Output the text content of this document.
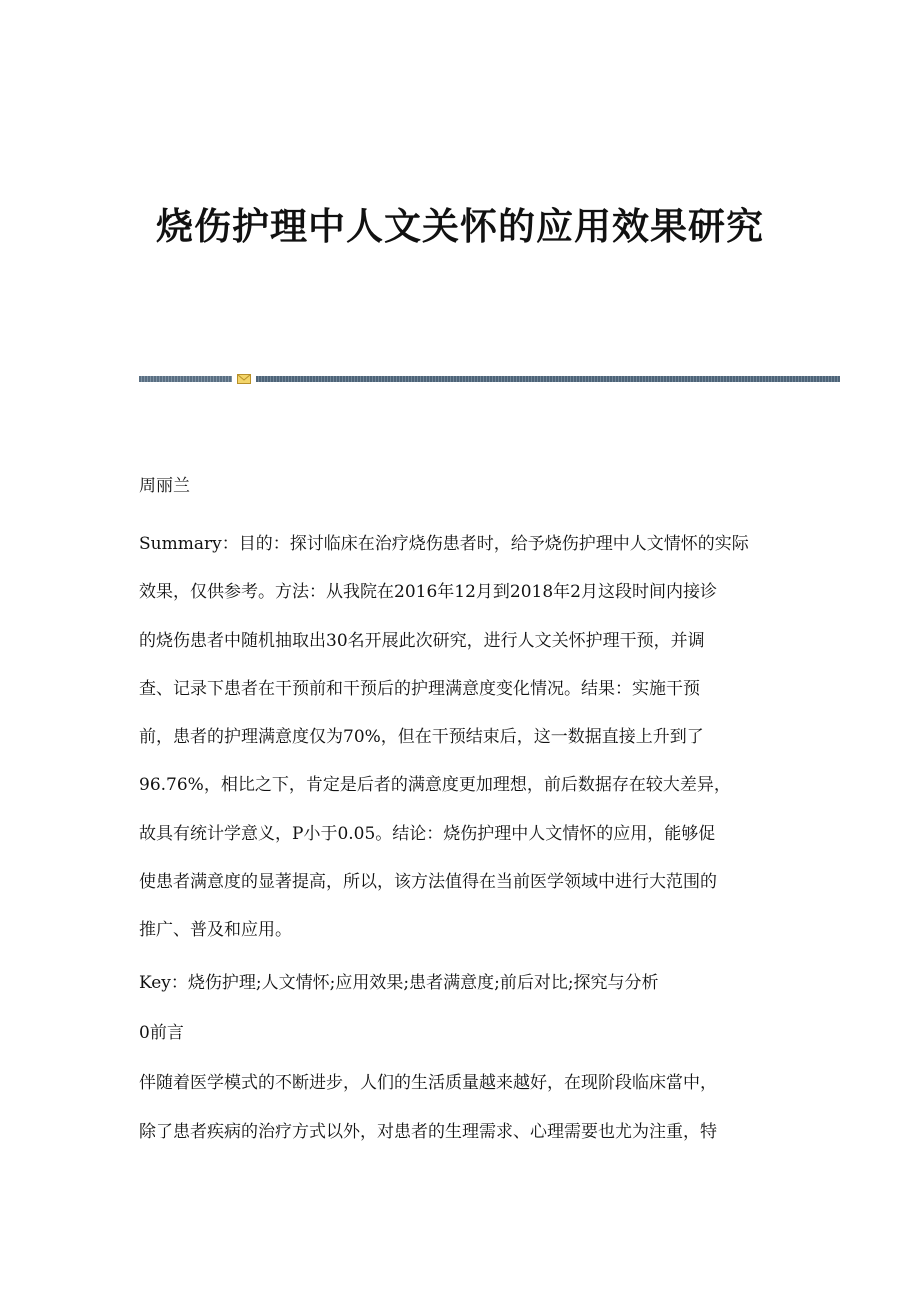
烧伤护理中人文关怀的应用效果研究
周丽兰

Summary：目的：探讨临床在治疗烧伤患者时，给予烧伤护理中人文情怀的实际
效果，仅供参考。方法：从我院在2016年12月到2018年2月这段时间内接诊
的烧伤患者中随机抽取出30名开展此次研究，进行人文关怀护理干预，并调
查、记录下患者在干预前和干预后的护理满意度变化情况。结果：实施干预
前，患者的护理满意度仅为70%，但在干预结束后，这一数据直接上升到了
96.76%，相比之下，肯定是后者的满意度更加理想，前后数据存在较大差异，
故具有统计学意义，P小于0.05。结论：烧伤护理中人文情怀的应用，能够促
使患者满意度的显著提高，所以，该方法值得在当前医学领域中进行大范围的
推广、普及和应用。

Key：烧伤护理;人文情怀;应用效果;患者满意度;前后对比;探究与分析

0前言

伴随着医学模式的不断进步，人们的生活质量越来越好，在现阶段临床當中，
除了患者疾病的治疗方式以外，对患者的生理需求、心理需要也尤为注重，特
